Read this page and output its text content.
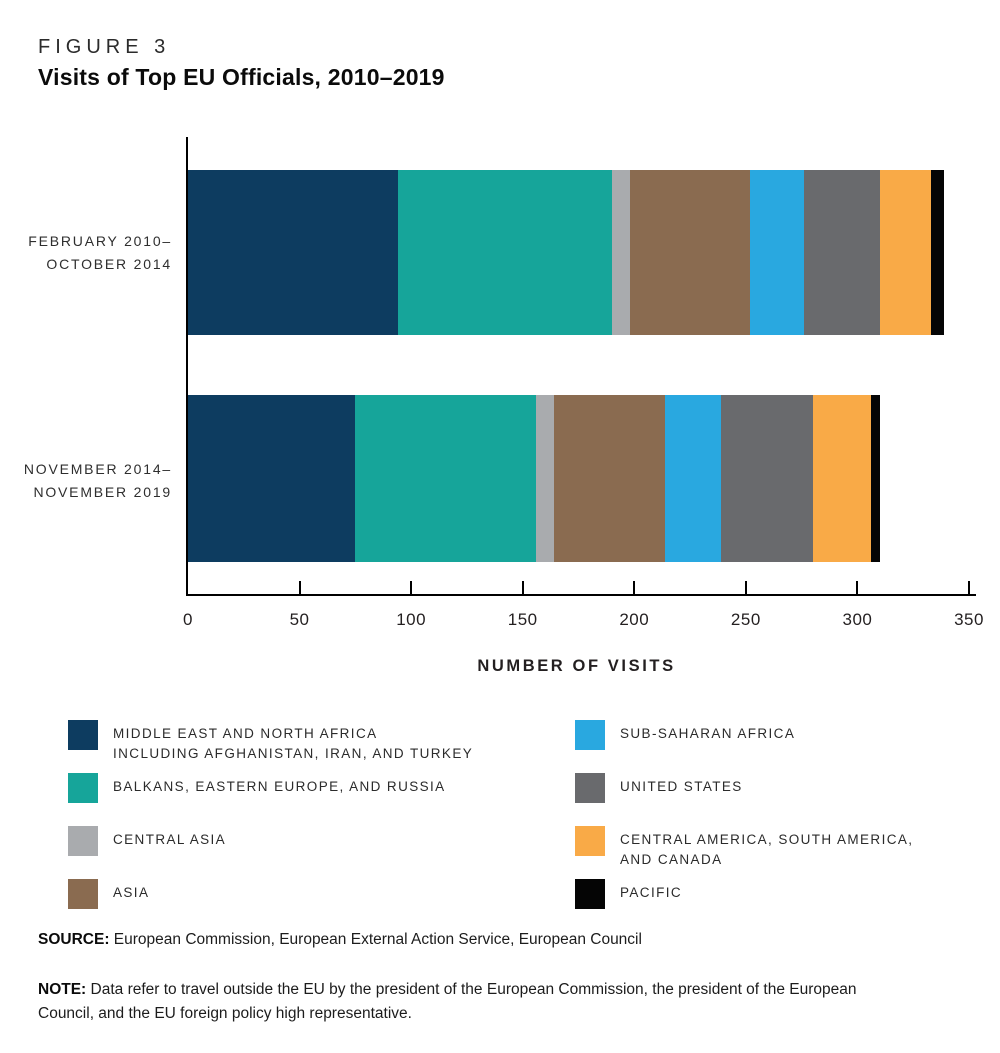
FIGURE 3
Visits of Top EU Officials, 2010–2019
FEBRUARY 2010–
OCTOBER 2014
NOVEMBER 2014–
NOVEMBER 2019
0	50	100	150	200	250	300	350
NUMBER OF VISITS
MIDDLE EAST AND NORTH AFRICA
INCLUDING AFGHANISTAN, IRAN, AND TURKEY
BALKANS, EASTERN EUROPE, AND RUSSIA
CENTRAL ASIA
ASIA
SUB-SAHARAN AFRICA
UNITED STATES
CENTRAL AMERICA, SOUTH AMERICA,
AND CANADA
PACIFIC
SOURCE: European Commission, European External Action Service, European Council
NOTE: Data refer to travel outside the EU by the president of the European Commission, the president of the European Council, and the EU foreign policy high representative.
